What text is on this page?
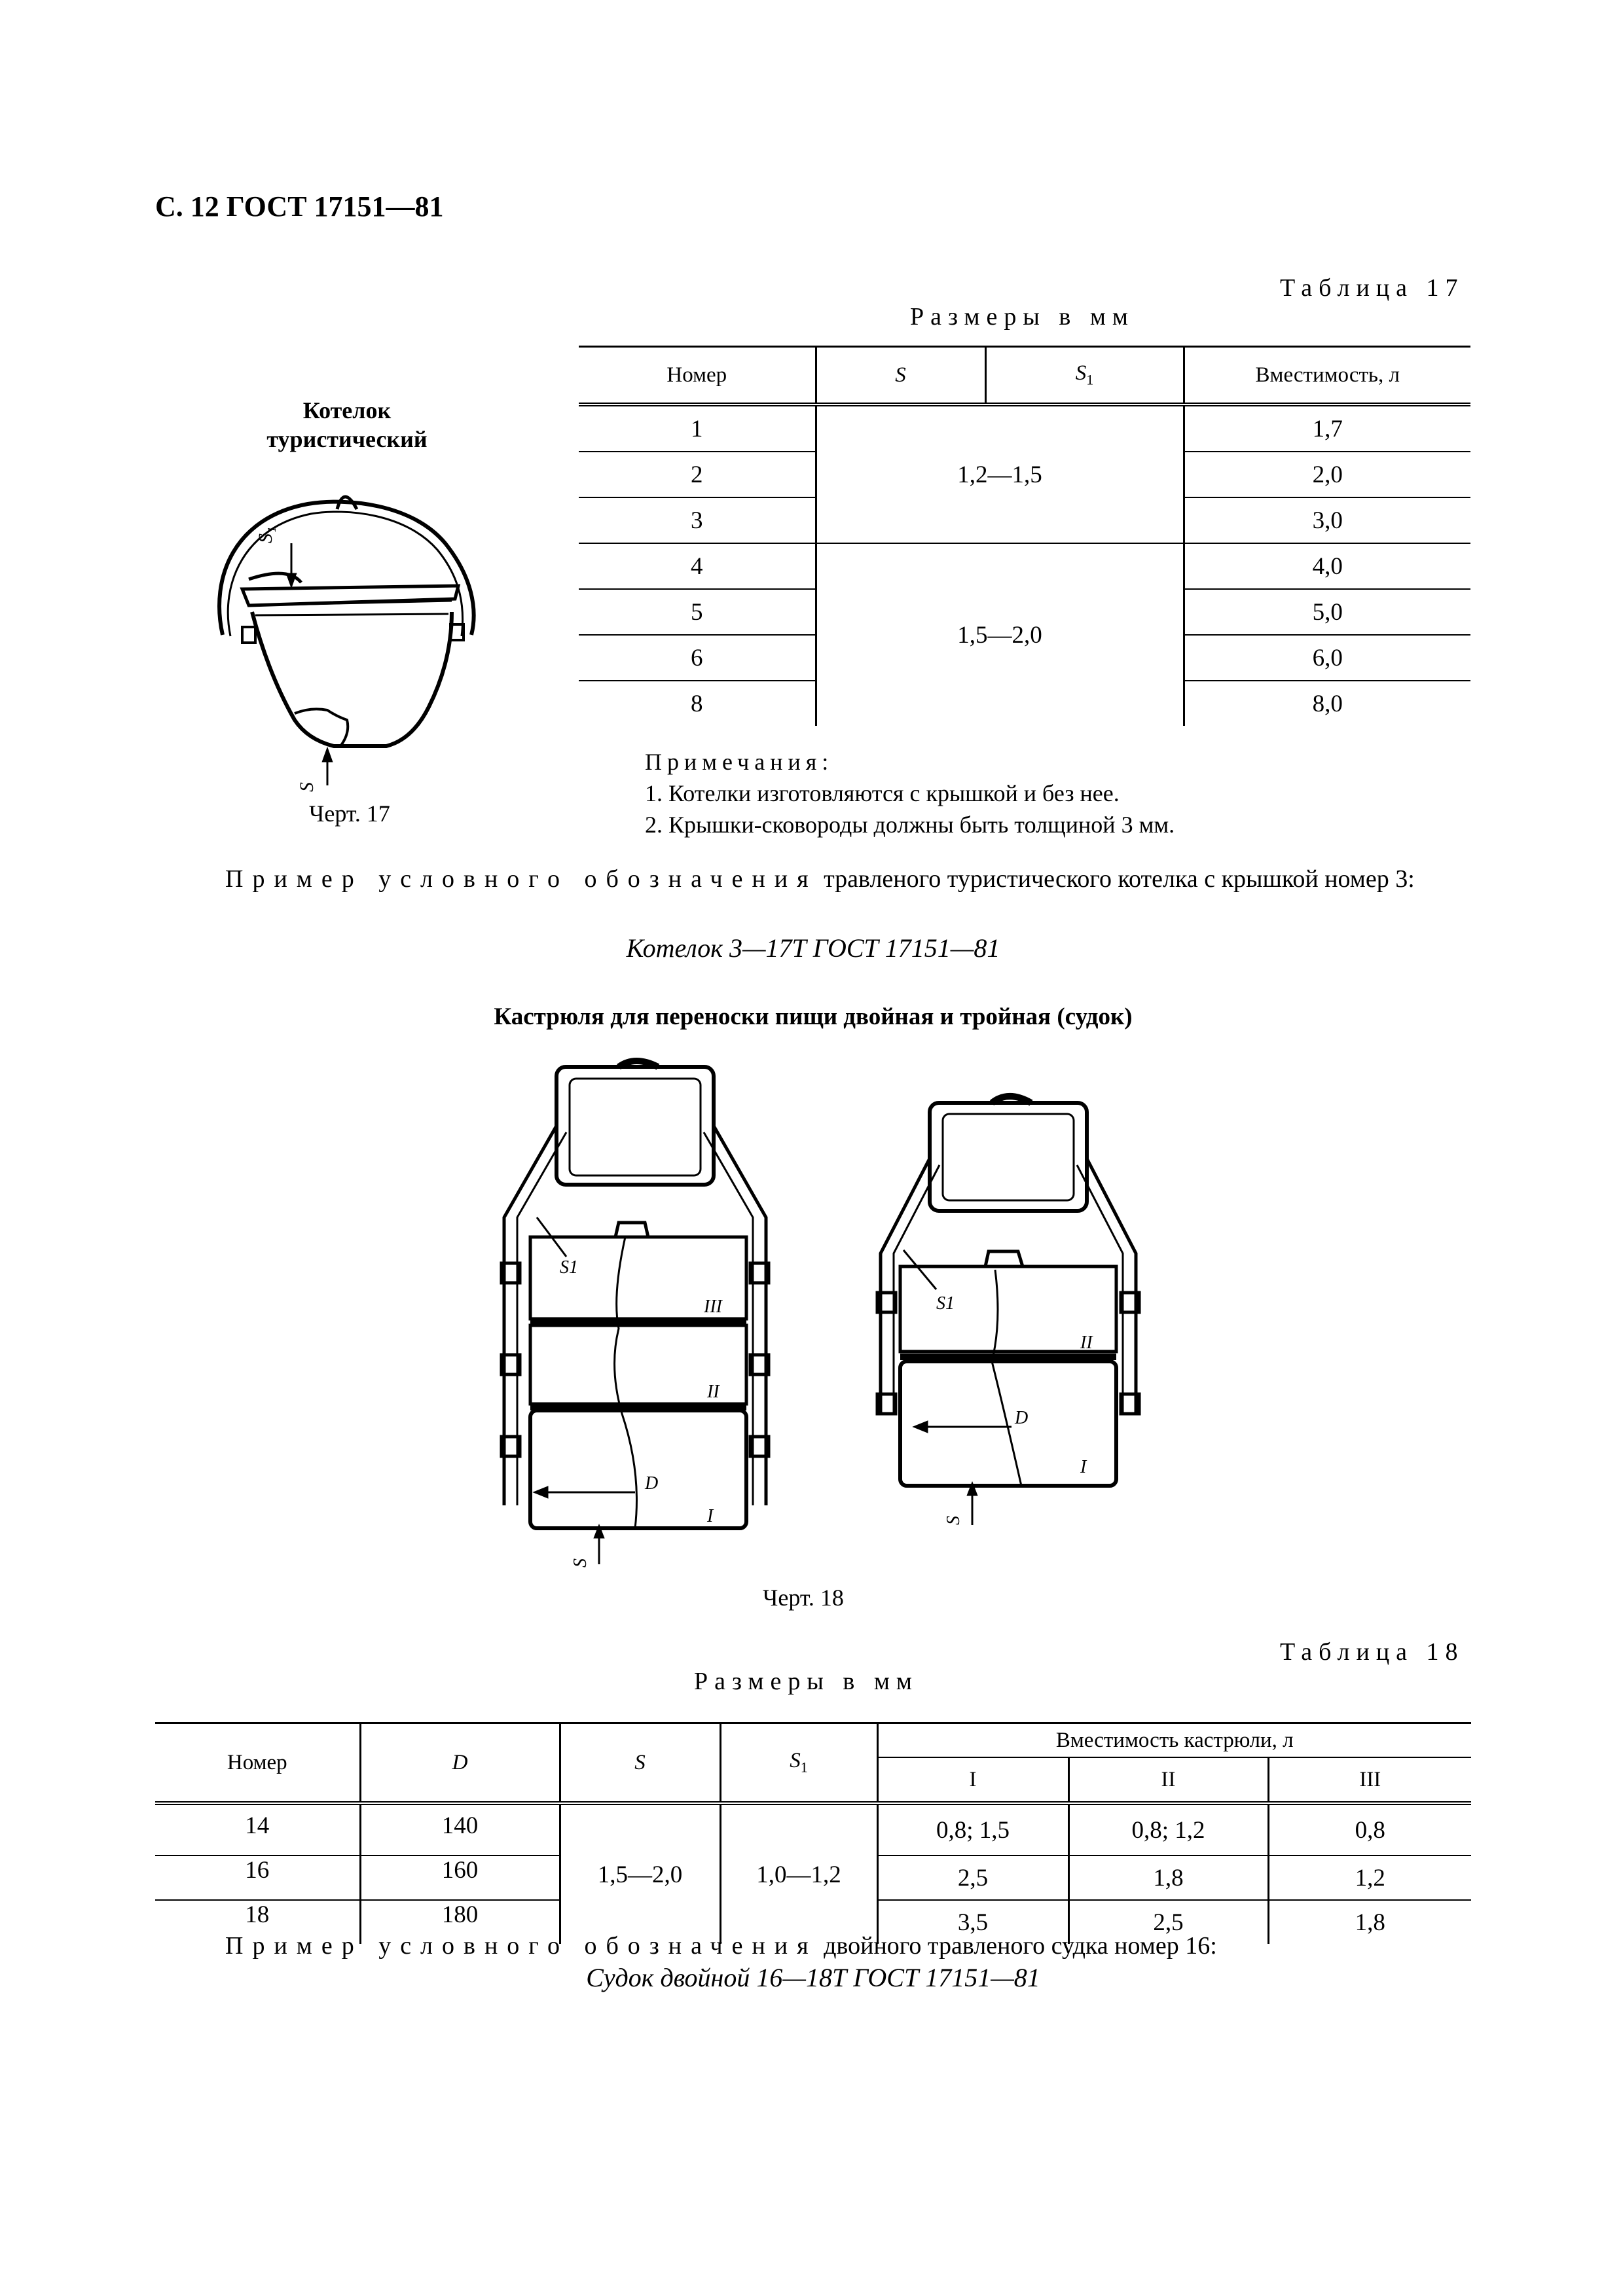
С. 12 ГОСТ 17151—81
Таблица 17
Размеры в мм
Номер	S	$S_1$	Вместимость, л
1	1,2—1,5		1,7
2			2,0
3			3,0
4	1,5—2,0		4,0
5			5,0
6			6,0
8			8,0
Котелок
туристический
S₁
S
Черт. 17
Примечания:
1. Котелки изготовляются с крышкой и без нее.
2. Крышки-сковороды должны быть толщиной 3 мм.
Пример условного обозначения травленого туристического котелка с крышкой номер 3:
Котелок 3—17Т ГОСТ 17151—81
Кастрюля для переноски пищи двойная и тройная (судок)
S1
III
II
D
I
S
S1
II
D
I
S
Черт. 18
Таблица 18
Размеры в мм
Номер	D	S	$S_1$	Вместимость кастрюли, л		
				I	II	III
14	140	1,5—2,0	1,0—1,2	0,8; 1,5	0,8; 1,2	0,8
16	160			2,5	1,8	1,2
18	180			3,5	2,5	1,8
Пример условного обозначения двойного травленого судка номер 16:
Судок двойной 16—18Т ГОСТ 17151—81
